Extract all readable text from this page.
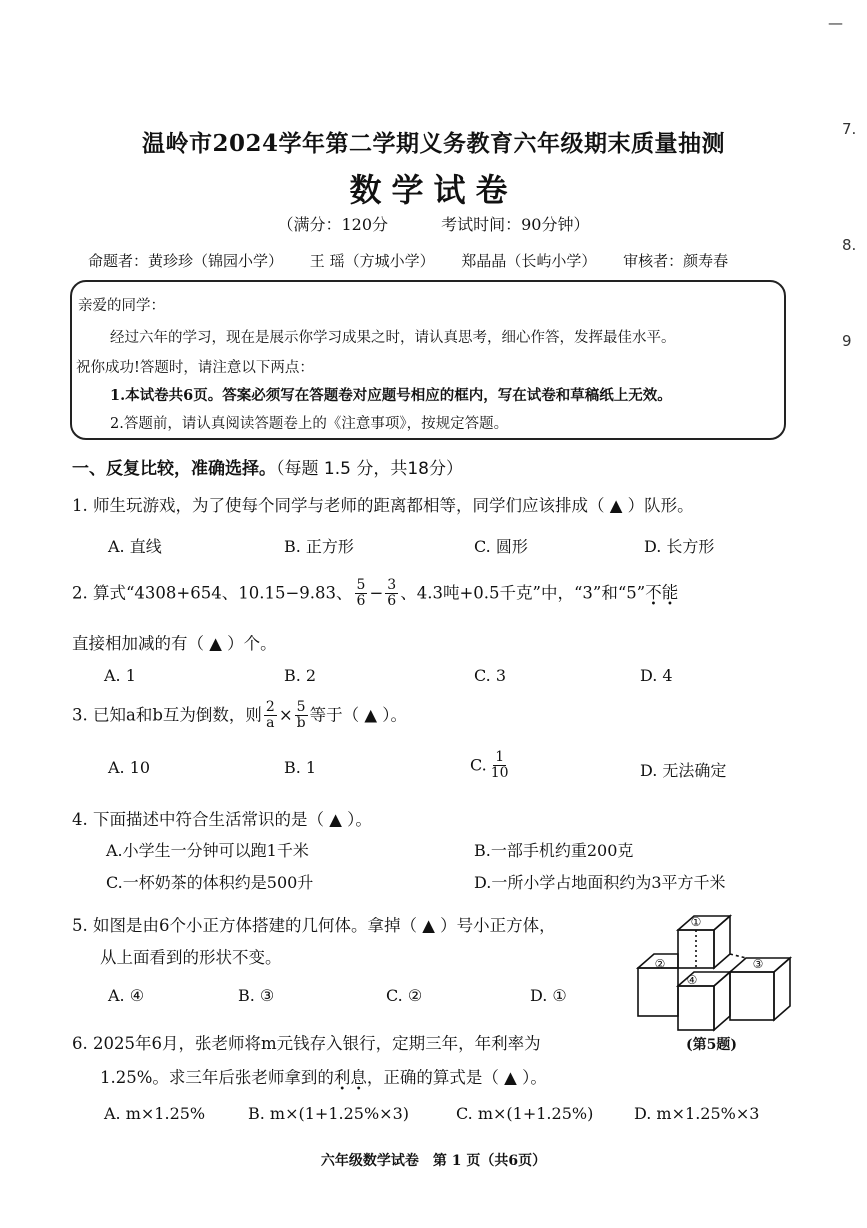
温岭市2024学年第二学期义务教育六年级期末质量抽测
数学试卷
（满分：120分	考试时间：90分钟）
命题者：黄珍珍（锦园小学） 王 瑶（方城小学） 郑晶晶（长屿小学） 审核者：颜寿春
—
7.
8.
9
亲爱的同学：
经过六年的学习，现在是展示你学习成果之时，请认真思考，细心作答，发挥最佳水平。
祝你成功!答题时，请注意以下两点：
1.本试卷共6页。答案必须写在答题卷对应题号相应的框内，写在试卷和草稿纸上无效。
2.答题前，请认真阅读答题卷上的《注意事项》，按规定答题。
一、反复比较，准确选择。（每题 1.5 分，共18分）
1. 师生玩游戏，为了使每个同学与老师的距离都相等，同学们应该排成（ ▲ ）队形。
A. 直线	B. 正方形	C. 圆形	D. 长方形
2. 算式“4308+654、10.15−9.83、 $\frac{5}{6} - \frac{3}{6}$ 、4.3吨+0.5千克”中，“3”和“5”不能
直接相加减的有（ ▲ ）个。
A. 1	B. 2	C. 3	D. 4
3. 已知a和b互为倒数，则 $\frac{2}{a} \times \frac{5}{b}$ 等于（ ▲ ）。
A. 10	B. 1	C. $\frac{1}{10}$	D. 无法确定
4. 下面描述中符合生活常识的是（ ▲ ）。
A.小学生一分钟可以跑1千米	B.一部手机约重200克
C.一杯奶茶的体积约是500升	D.一所小学占地面积约为3平方千米
5. 如图是由6个小正方体搭建的几何体。拿掉（ ▲ ）号小正方体，
从上面看到的形状不变。
A. ④	B. ③	C. ②	D. ①
①
②	③
④
(第5题)
6. 2025年6月，张老师将m元钱存入银行，定期三年，年利率为
1.25%。求三年后张老师拿到的利息，正确的算式是（ ▲ ）。
A. m×1.25%	B. m×(1+1.25%×3)	C. m×(1+1.25%)	D. m×1.25%×3
六年级数学试卷　第 1 页（共6页）
